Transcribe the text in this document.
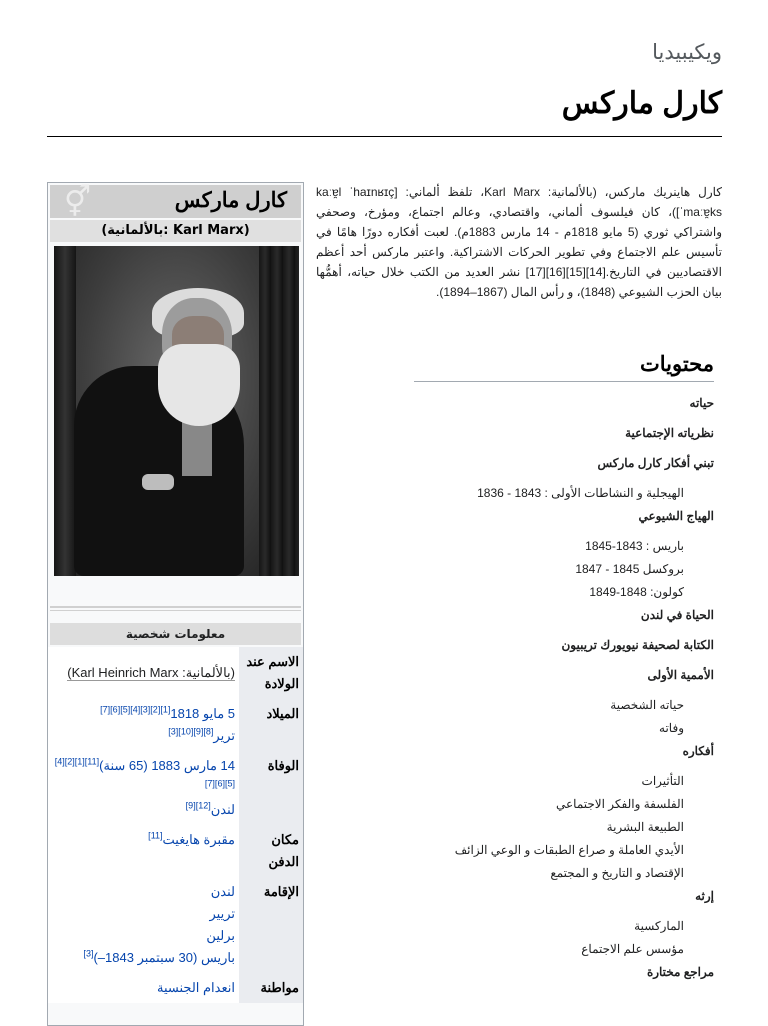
ويكيبيديا
كارل ماركس
⚥	كارل ماركس
(بالألمانية: Karl Marx)
معلومات شخصية
الاسم عند الولادة	(بالألمانية: Karl Heinrich Marx)
الميلاد	5 مايو 1818[1][2][3][4][5][6][7]
ترير[8][9][10][3]
الوفاة	14 مارس 1883 (65 سنة)[11][1][2][4][5][6][7]
لندن[12][9]
مكان الدفن	مقبرة هايغيت[11]
الإقامة	لندن
تريير
برلين
باريس (30 سبتمبر 1843–)[3]
مواطنة	انعدام الجنسية
كارل هاينريك ماركس، (بالألمانية: Karl Marx، تلفظ ألماني: [kaːɐ̯l ˈhaɪnʁɪç ˈmaːɐ̯ks])، كان فيلسوف ألماني، واقتصادي، وعالم اجتماع، ومؤرخ، وصحفي واشتراكي ثوري (5 مايو 1818م - 14 مارس 1883م). لعبت أفكاره دورًا هامًا في تأسيس علم الاجتماع وفي تطوير الحركات الاشتراكية. واعتبر ماركس أحد أعظم الاقتصاديين في التاريخ.[14][15][16][17] نشر العديد من الكتب خلال حياته، أهمُّها بيان الحزب الشيوعي (1848)، و رأس المال (1867–1894).
محتويات
حياته
نظرياته الإجتماعية
تبني أفكار كارل ماركس
الهيجلية و النشاطات الأولى : 1843 - 1836
الهياج الشيوعي
باريس : 1843-1845
بروكسل 1845 - 1847
كولون: 1848-1849
الحياة في لندن
الكتابة لصحيفة نيويورك تريبيون
الأممية الأولى
حياته الشخصية
وفاته
أفكاره
التأثيرات
الفلسفة والفكر الاجتماعي
الطبيعة البشرية
الأيدي العاملة و صراع الطبقات و الوعي الزائف
الإقتصاد و التاريخ و المجتمع
إرثه
الماركسية
مؤسس علم الاجتماع
مراجع مختارة
